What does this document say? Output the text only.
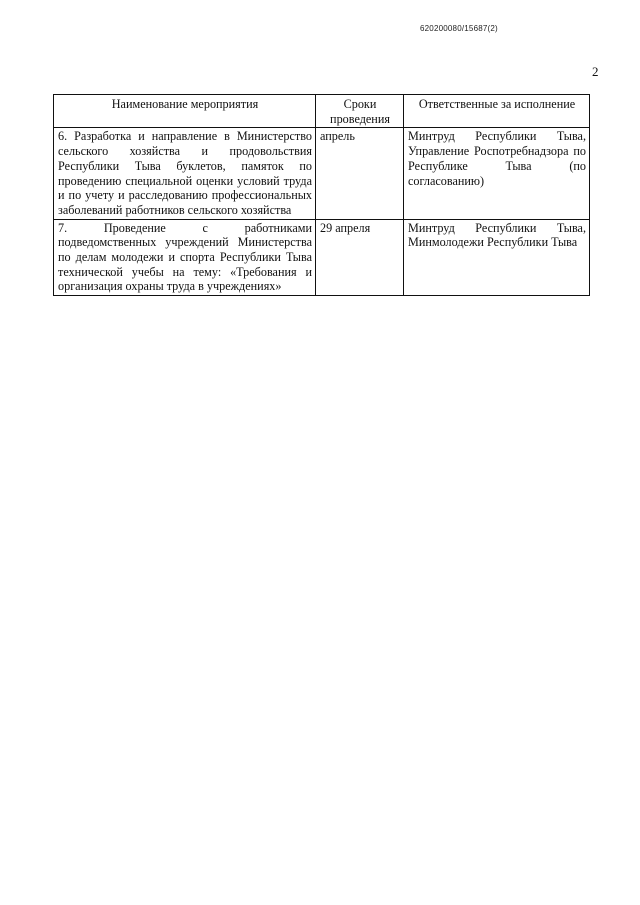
620200080/15687(2)
2
Наименование мероприятия	Сроки проведения	Ответственные за исполнение
6. Разработка и направление в Министерство сельского хозяйства и продовольствия Республики Тыва буклетов, памяток по проведению специальной оценки условий труда и по учету и расследованию профессиональных заболеваний работников сельского хозяйства	апрель	Минтруд Республики Тыва, Управление Роспотребнадзора по Республике Тыва (по согласованию)
7. Проведение с работниками подведомственных учреждений Министерства по делам молодежи и спорта Республики Тыва технической учебы на тему: «Требования и организация охраны труда в учреждениях»	29 апреля	Минтруд Республики Тыва, Минмолодежи Республики Тыва
